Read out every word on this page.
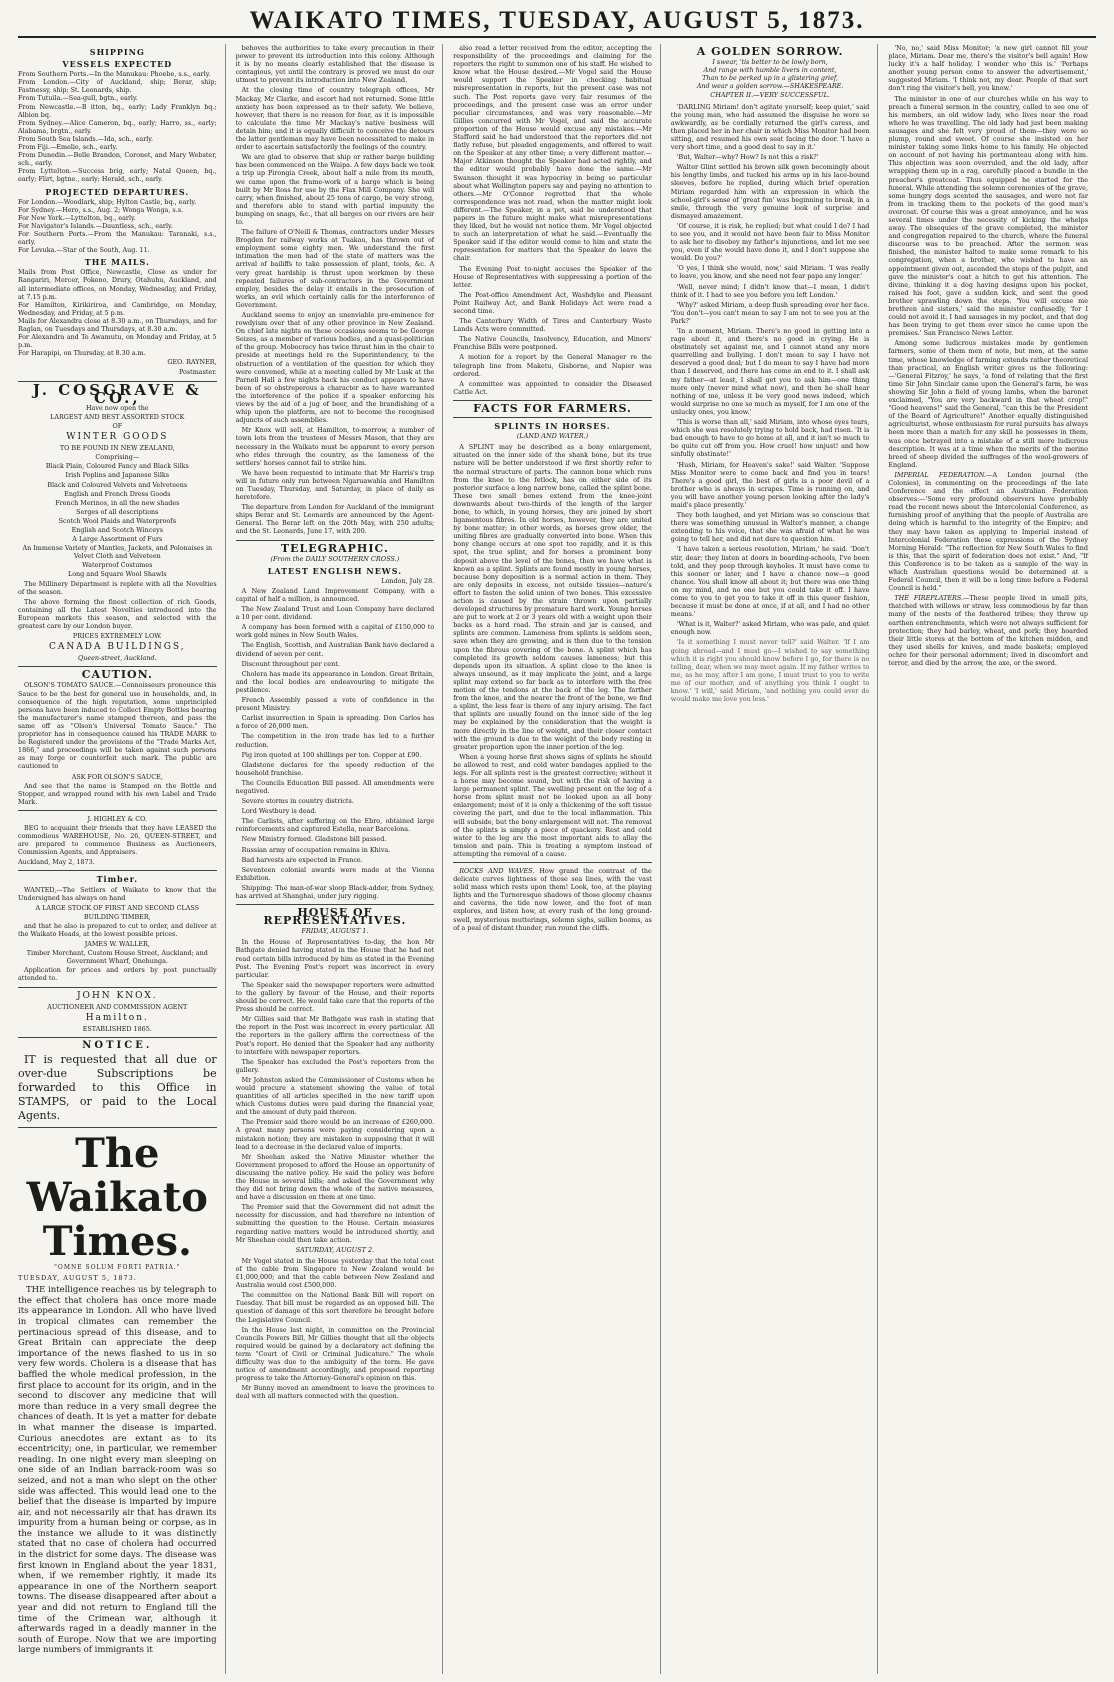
WAIKATO TIMES, TUESDAY, AUGUST 5, 1873.
SHIPPING
VESSELS EXPECTED

From Southern Ports.—In the Manukau: Phoebe, s.s., early.

From London.—City of Auckland, ship; Berar, ship; Fastnessy, ship; St. Leonards, ship.

From Tutuila.—Sea-gull, bgtn., early.

From Newcastle.—B itton, bq., early; Lady Franklyn bq.; Albion bq.

From Sydney.—Alice Cameron, bq., early; Harro, ss., early; Alabama, brgtn., early.

From South Sea Islands.—Ida, sch., early.

From Fiji.—Emelie, sch., early.

From Dunedin.—Belle Brandon, Coronet, and Mary Webster, sch., early.

From Lyttelton.—Success brig, early; Natal Queen, bq., early; Flirt, bgtne., early; Herald, sch., early.

PROJECTED DEPARTURES.

For London.—Woodlark, ship; Hylton Castle, bq., early.

For Sydney.—Hero, s.s., Aug. 2; Wonga Wonga, s.s.

For New York.—Lyttelton, bq., early.

For Navigator's Islands.—Dauntless, sch., early.

For Southern Ports.—From the Manukau: Taranaki, s.s., early.

For Levuka.—Star of the South, Aug. 11.

THE MAILS.

Mails from Post Office, Newcastle, Close as under for Rangariri, Mercer, Pokeno, Drury, Otahuhu, Auckland, and all intermediate offices, on Monday, Wednesday, and Friday, at 7.15 p.m.

For Hamilton, Kirikiriroa, and Cambridge, on Monday, Wednesday, and Friday, at 5 p.m.

Mails for Alexandra close at 8.30 a.m., on Thursdays, and for Raglan, on Tuesdays and Thursdays, at 8.30 a.m.

For Alexandra and Te Awamutu, on Monday and Friday, at 5 p.m.

For Harapipi, on Thursday, at 8.30 a.m.

GEO. RAYNER,

Postmaster.

J. COSGRAVE & CO.,

Have now open the

LARGEST AND BEST ASSORTED STOCK

OF

WINTER GOODS

TO BE FOUND IN NEW ZEALAND,

Comprising—

Black Plain, Coloured Fancy and Black Silks

Irish Poplins and Japanese Silks

Black and Coloured Velvets and Velveteens

English and French Dress Goods

French Merinos, in all the new shades

Serges of all descriptions

Scotch Wool Plaids and Waterproofs

English and Scotch Winceys

A Large Assortment of Furs

An Immense Variety of Mantles, Jackets, and Polonaises in Velvet Cloth and Velveteen

Waterproof Costumes

Long and Square Wool Shawls

The Millinery Department is replete with all the Novelties of the season.

The above forming the finest collection of rich Goods, containing all the Latest Novelties introduced into the European markets this season, and selected with the greatest care by our London buyer.

PRICES EXTREMELY LOW.

CANADA BUILDINGS,

Queen-street, Auckland.

CAUTION.

OLSON'S TOMATO SAUCE.—Connoisseurs pronounce this Sauce to be the best for general use in households, and, in consequence of the high reputation, some unprincipled persons have been induced to Collect Empty Bottles bearing the manufacturer's name stamped thereon, and pass the same off as "Olson's Universal Tomato Sauce." The proprietor has in consequence caused his TRADE MARK to be Registered under the provisions of the "Trade Marks Act, 1866," and proceedings will be taken against such persons as may forge or counterfeit such mark. The public are cautioned to

ASK FOR OLSON'S SAUCE,

And see that the name is Stamped on the Bottle and Stopper, and wrapped round with his own Label and Trade Mark.

J. HIGHLEY & CO.

BEG to acquaint their friends that they have LEASED the commodious WAREHOUSE, No. 26, QUEEN-STREET, and are prepared to commence Business as Auctioneers, Commission Agents, and Appraisers.

Auckland, May 2, 1873.

Timber.

WANTED,—The Settlers of Waikato to know that the Undersigned has always on hand

A LARGE STOCK OF FIRST AND SECOND CLASS

BUILDING TIMBER,

and that he also is prepared to cut to order, and deliver at the Waikato Heads, at the lowest possible prices.

JAMES W. WALLER,

Timber Merchant, Custom House Street, Auckland; and Government Wharf, Onehunga.

Application for prices and orders by post punctually attended to.

JOHN KNOX.

AUCTIONEER AND COMMISSION AGENT

Hamilton.

ESTABLISHED 1865.

NOTICE.

IT is requested that all due or over-due Subscriptions be forwarded to this Office in STAMPS, or paid to the Local Agents.

The Waikato Times.
"OMNE SOLUM FORTI PATRIA."
TUESDAY, AUGUST 5, 1873.

THE intelligence reaches us by telegraph to the effect that cholera has once more made its appearance in London. All who have lived in tropical climates can remember the pertinacious spread of this disease, and to Great Britain can appreciate the deep importance of the news flashed to us in so very few words. Cholera is a disease that has baffled the whole medical profession, in the first place to account for its origin, and in the second to discover any medicine that will more than reduce in a very small degree the chances of death. It is yet a matter for debate in what manner the disease is imparted. Curious anecdotes are extant as to its eccentricity; one, in particular, we remember reading. In one night every man sleeping on one side of an Indian barrack-room was so seized, and not a man who slept on the other side was affected. This would lead one to the belief that the disease is imparted by impure air, and not necessarily air that has drawn its impurity from a human being or corpse, as in the instance we allude to it was distinctly stated that no case of cholera had occurred in the district for some days. The disease was first known in England about the year 1831, when, if we remember rightly, it made its appearance in one of the Northern seaport towns. The disease disappeared after about a year and did not return to England till the time of the Crimean war, although it afterwards raged in a deadly manner in the south of Europe. Now that we are importing large numbers of immigrants it

behoves the authorities to take every precaution in their power to prevent its introduction into this colony. Although it is by no means clearly established that the disease is contagious, yet until the contrary is proved we must do our utmost to prevent its introduction into New Zealand.

At the closing time of country telegraph offices, Mr Mackay, Mr Clarke, and escort had not returned. Some little anxiety has been expressed as to their safety. We believe, however, that there is no reason for fear, as it is impossible to calculate the time Mr Mackay's native business will detain him; and it is equally difficult to conceive the detours the latter gentleman may have been necessitated to make in order to ascertain satisfactorily the feelings of the country.

We are glad to observe that ship or rather barge building has been commenced on the Waipa. A few days back we took a trip up Pirongia Creek, about half a mile from its mouth, we came upon the frame-work of a barge which is being built by Mr Ross for use by the Flax Mill Company. She will carry, when finished, about 25 tons of cargo, be very strong, and therefore able to stand with partial impunity the bumping on snags, &c., that all barges on our rivers are heir to.

The failure of O'Neill & Thomas, contractors under Messrs Brogden for railway works at Tuakau, has thrown out of employment some eighty men. We understand the first intimation the men had of the state of matters was the arrival of bailiffs to take possession of plant, tools, &c. A very great hardship is thrust upon workmen by these repeated failures of sub-contractors in the Government employ, besides the delay it entails in the prosecution of works, an evil which certainly calls for the interference of Government.

Auckland seems to enjoy an unenviable pre-eminence for rowdyism over that of any other province in New Zealand. On chief late nights on these occasions seems to be George Seizes, as a member of various bodies, and a quasi-politician of the group. Mobocracy has twice thrust him in the chair to preside at meetings held re the Superintendency, to the obstruction of a ventilation of the question for which they were convened, while at a meeting called by Mr Lusk at the Parnell Hall a few nights back his conduct appears to have been of so obstreperous a character as to have warranted the interference of the police if a speaker enforcing his views by the aid of a jug of beer, and the brandishing of a whip upon the platform, are not to become the recognised adjuncts of such assemblies.

Mr Knox will sell, at Hamilton, to-morrow, a number of town lots from the trustees of Messrs Mason, that they are necessary in the Waikato must be apparent to every person who rides through the country, as the lameness of the settlers' horses cannot fail to strike him.

We have been requested to intimate that Mr Harris's trap will in future only run between Ngaruawahia and Hamilton on Tuesday, Thursday, and Saturday, in place of daily as heretofore.

The departure from London for Auckland of the immigrant ships Berar and St. Leonards are announced by the Agent-General. The Berar left on the 20th May, with 250 adults; and the St. Leonards, June 17, with 200.

TELEGRAPHIC.
(From the DAILY SOUTHERN CROSS.)
LATEST ENGLISH NEWS.

London, July 28.

A New Zealand Land Improvement Company, with a capital of half a million, is announced.

The New Zealand Trust and Loan Company have declared a 10 per cent. dividend.

A company has been formed with a capital of £150,000 to work gold mines in New South Wales.

The English, Scottish, and Australian Bank have declared a dividend of seven per cent.

Discount throughout per cent.

Cholera has made its appearance in London. Great Britain, and the local bodies are endeavouring to mitigate the pestilence.

French Assembly passed a vote of confidence in the present Ministry.

Carlist insurrection in Spain is spreading. Don Carlos has a force of 26,000 men.

The competition in the iron trade has led to a further reduction.

Pig iron quoted at 100 shillings per ton. Copper at £90.

Gladstone declares for the speedy reduction of the household franchise.

The Councils Education Bill passed. All amendments were negatived.

Severe storms in country districts.

Lord Westbury is dead.

The Carlists, after suffering on the Ebro, obtained large reinforcements and captured Estella, near Barcelona.

New Ministry formed. Gladstone bill passed.

Russian army of occupation remains in Khiva.

Bad harvests are expected in France.

Seventeen colonial awards were made at the Vienna Exhibition.

Shipping: The man-of-war sloop Black-adder, from Sydney, has arrived at Shanghai, under jury rigging.

HOUSE OF REPRESENTATIVES.
FRIDAY, AUGUST 1.

In the House of Representatives to-day, the hon Mr Bathgate denied having stated in the House that he had not read certain bills introduced by him as stated in the Evening Post. The Evening Post's report was incorrect in every particular.

The Speaker said the newspaper reporters were admitted to the gallery by favour of the House, and their reports should be correct. He would take care that the reports of the Press should be correct.

Mr Gillies said that Mr Bathgate was rash in stating that the report in the Post was incorrect in every particular. All the reporters in the gallery affirm the correctness of the Post's report. He denied that the Speaker had any authority to interfere with newspaper reporters.

The Speaker has excluded the Post's reporters from the gallery.

Mr Johnston asked the Commissioner of Customs when he would procure a statement showing the value of total quantities of all articles specified in the new tariff upon which Customs duties were paid during the financial year, and the amount of duty paid thereon.

The Premier said there would be an increase of £260,000. A great many persons were paying considering upon a mistaken notion; they are mistaken in supposing that it will lead to a decrease in the declared value of imports.

Mr Sheehan asked the Native Minister whether the Government proposed to afford the House an opportunity of discussing the native policy. He said the policy was before the House in several bills; and asked the Government why they did not bring down the whole of the native measures, and have a discussion on them at one time.

The Premier said that the Government did not admit the necessity for discussion, and had therefore no intention of submitting the question to the House. Certain measures regarding native matters would be introduced shortly, and Mr Sheehan could then take action.

SATURDAY, AUGUST 2.

Mr Vogel stated in the House yesterday that the total cost of the cable from Singapore to New Zealand would be £1,000,000; and that the cable between New Zealand and Australia would cost £500,000.

The committee on the National Bank Bill will report on Tuesday. That bill must be regarded as an opposed bill. The question of damage of this sort therefore be brought before the Legislative Council.

In the House last night, in committee on the Provincial Councils Powers Bill, Mr Gillies thought that all the objects required would be gained by a declaratory act defining the term "Court of Civil or Criminal Judicature." The whole difficulty was due to the ambiguity of the term. He gave notice of amendment accordingly, and proposed reporting progress to take the Attorney-General's opinion on this.

Mr Bunny moved an amendment to leave the provinces to deal with all matters connected with the question.

also read a letter received from the editor, accepting the responsibility of the proceedings and claiming for the reporters the right to summon one of his staff. He wished to know what the House desired.—Mr Vogel said the House would support the Speaker in checking habitual misrepresentation in reports, but the present case was not such. The Post reports gave very fair resumes of the proceedings, and the present case was an error under peculiar circumstances, and was very reasonable.—Mr Gillies concurred with Mr Vogel, and said the accurate proportion of the House would excuse any mistakes.—Mr Stafford said he had understood that the reporters did not flatly refuse, but pleaded engagements, and offered to wait on the Speaker at any other time; a very different matter.—Major Atkinson thought the Speaker had acted rightly, and the editor would probably have done the same.—Mr Swanson thought it was hypocrisy in being so particular about what Wellington papers say and paying no attention to others.—Mr O'Connor regretted that the whole correspondence was not read, when the matter might look different.—The Speaker, in a pet, said he understood that papers in the future might make what misrepresentations they liked, but he would not notice them. Mr Vogel objected to such an interpretation of what he said.—Eventually the Speaker said if the editor would come to him and state the representation for matters that the Speaker do leave the chair.

The Evening Post to-night accuses the Speaker of the House of Representatives with suppressing a portion of the letter.

The Post-office Amendment Act, Washdyke and Pleasant Point Railway Act, and Bank Holidays Act were read a second time.

The Canterbury Width of Tires and Canterbury Waste Lands Acts were committed.

The Native Councils, Insolvency, Education, and Miners' Franchise Bills were postponed.

A motion for a report by the General Manager re the telegraph line from Maketu, Gisborne, and Napier was ordered.

A committee was appointed to consider the Diseased Cattle Act.

FACTS FOR FARMERS.
SPLINTS IN HORSES.
(LAND AND WATER.)

A SPLINT may be described as a bony enlargement, situated on the inner side of the shank bone, but its true nature will be better understood if we first shortly refer to the normal structure of parts. The cannon bone which runs from the knee to the fetlock, has on either side of its posterior surface a long narrow bone, called the splint bone. These two small bones extend from the knee-joint downwards about two-thirds of the length of the larger bone, to which, in young horses, they are joined by short ligamentous fibres. In old horses, however, they are united by bone matter; in other words, as horses grow older, the uniting fibres are gradually converted into bone. When this bony change occurs at one spot too rapidly, and it is this spot, the true splint, and for horses a prominent bony deposit above the level of the bones, then we have what is known as a splint. Splints are found mostly in young horses, because bony deposition is a normal action in them. They are only deposits in excess, not outside tissues—nature's effort to fasten the solid union of two bones. This excessive action is caused by the strain thrown upon partially developed structures by premature hard work. Young horses are put to work at 2 or 3 years old with a weight upon their backs as a hard road. The strain and jar is caused, and splints are common. Lameness from splints is seldom seen, save when they are growing, and is then due to the tension upon the fibrous covering of the bone. A splint which has completed its growth seldom causes lameness; but this depends upon its situation. A splint close to the knee is always unsound, as it may implicate the joint, and a large splint may extend so far back as to interfere with the free motion of the tendons at the back of the leg. The farther from the knee, and the nearer the front of the bone, we find a splint, the less fear is there of any injury arising. The fact that splints are usually found on the inner side of the leg may be explained by the consideration that the weight is more directly in the line of weight, and their closer contact with the ground is due to the weight of the body resting in greater proportion upon the inner portion of the leg.

When a young horse first shows signs of splints he should be allowed to rest, and cold water bandages applied to the legs. For all splints rest is the greatest corrective; without it a horse may become sound, but with the risk of having a large permanent splint. The swelling present on the leg of a horse from splint must not be looked upon as all bony enlargement; most of it is only a thickening of the soft tissue covering the part, and due to the local inflammation. This will subside, but the bony enlargement will not. The removal of the splints is simply a piece of quackery. Rest and cold water to the leg are the most important aids to allay the tension and pain. This is treating a symptom instead of attempting the removal of a cause.

ROCKS AND WAVES. How grand the contrast of the delicate curves lightness of those sea lines, with the vast solid mass which rests upon them! Look, too, at the playing lights and the Turneresque shadows of those gloomy chasms and caverns, the tide now lower, and the foot of man explores, and listen how, at every rush of the long ground-swell, mysterious mutterings, solemn sighs, sullen booms, as of a peal of distant thunder, run round the cliffs.

A GOLDEN SORROW.

I swear, 'tis better to be lowly born,

And range with humble livers in content,

Than to be perked up in a glistering grief,

And wear a golden sorrow.—SHAKESPEARE.

CHAPTER II.—VERY SUCCESSFUL.

'DARLING Miriam! don't agitate yourself; keep quiet,' said the young man, who had assumed the disguise he wore so awkwardly, as he cordially returned the girl's caress, and then placed her in her chair in which Miss Monitor had been sitting, and resumed his own seat facing the door. 'I have a very short time, and a good deal to say in it.'

'But, Walter—why? How? Is not this a risk?'

Walter Glint settled his brown silk gown becomingly about his lengthy limbs, and tucked his arms up in his lace-bound sleeves, before he replied, during which brief operation Miriam regarded him with an expression in which the school-girl's sense of 'great fun' was beginning to break, in a smile, through the very genuine look of surprise and dismayed amazement.

'Of course, it is risk, he replied; but what could I do? I had to see you, and it would not have been fair to Miss Monitor to ask her to disobey my father's injunctions, and let me see you, even if she would have done it, and I don't suppose she would. Do you?'

'O yes, I think she would, now,' said Miriam. 'I was really to leave, you know, and she need not fear papa any longer.'

'Well, never mind; I didn't know that—I mean, I didn't think of it. I had to see you before you left London.'

'Why?' asked Miriam, a deep flush spreading over her face. 'You don't—you can't mean to say I am not to see you at the Park?'

'In a moment, Miriam. There's no good in getting into a rage about it, and there's no good in crying. He is obstinately set against me, and I cannot stand any more quarrelling and bullying. I don't mean to say I have not deserved a good deal; but I do mean to say I have had more than I deserved, and there has come an end to it. I shall ask my father—at least, I shall get you to ask him—one thing more only (never mind what now), and then he shall hear nothing of me, unless it be very good news indeed, which would surprise no one so much as myself, for I am one of the unlucky ones, you know.'

'This is worse than all,' said Miriam, into whose eyes tears, which she was resolutely trying to hold back, had risen. 'It is bad enough to have to go home at all, and it isn't so much to be quite cut off from you. How cruel! how unjust! and how sinfully obstinate!'

'Hush, Miriam, for Heaven's sake!' said Walter. 'Suppose Miss Monitor were to come back and find you in tears! There's a good girl, the best of girls is a poor devil of a brother who is always in scrapes. Time is running on, and you will have another young person looking after the lady's maid's place presently.'

They both laughed, and yet Miriam was so conscious that there was something unusual in Walter's manner, a change extending to his voice, that she was afraid of what he was going to tell her, and did not dare to question him.

'I have taken a serious resolution, Miriam,' he said. 'Don't stir, dear; they listen at doors in boarding-schools, I've been told, and they peep through keyholes. It must have come to this sooner or later, and I have a chance now—a good chance. You shall know all about it; but there was one thing on my mind, and no one but you could take it off. I have come to you to get you to take it off in this queer fashion, because it must be done at once, if at all, and I had no other means.'

'What is it, Walter?' asked Miriam, who was pale, and quiet enough now.

'Is it something I must never tell?' said Walter. 'If I am going abroad—and I must go—I wished to say something which it is right you should know before I go, for there is no telling, dear, when we may meet again. If my father writes to me, as he may, after I am gone, I must trust to you to write me of our mother, and of anything you think I ought to know.' 'I will,' said Miriam, 'and nothing you could ever do would make me love you less.'

'No, no,' said Miss Monitor; 'a new girl cannot fill your place, Miriam. Dear me, there's the visitor's bell again! How lucky it's a half holiday. I wonder who this is.' 'Perhaps another young person come to answer the advertisement,' suggested Miriam. 'I think not, my dear. People of that sort don't ring the visitor's bell, you know.'

The minister in one of our churches while on his way to preach a funeral sermon in the country, called to see one of his members, an old widow lady, who lives near the road where he was travelling. The old lady had just been making sausages and she felt very proud of them—they were so plump, round and sweet. Of course she insisted on her minister taking some links home to his family. He objected on account of not having his portmanteau along with him. This objection was soon overruled, and the old lady, after wrapping them up in a rag, carefully placed a bundle in the preacher's greatcoat. Thus equipped he started for the funeral. While attending the solemn ceremonies of the grave, some hungry dogs scented the sausages, and were not far from in tracking them to the pockets of the good man's overcoat. Of course this was a great annoyance, and he was several times under the necessity of kicking the whelps away. The obsequies of the grave completed, the minister and congregation repaired to the church, where the funeral discourse was to be preached. After the sermon was finished, the minister halted to make some remark to his congregation, when a brother, who wished to have an appointment given out, ascended the steps of the pulpit, and gave the minister's coat a hitch to get his attention. The divine, thinking it a dog having designs upon his pocket, raised his foot, gave a sudden kick, and sent the good brother sprawling down the steps. 'You will excuse me brethren and sisters,' said the minister confusedly, 'for I could not avoid it. I had sausages in my pocket, and that dog has been trying to get them ever since he came upon the premises.' San Francisco News Letter.

Among some ludicrous mistakes made by gentlemen farmers, some of them men of note, but men, at the same time, whose knowledge of farming extends rather theoretical than practical, an English writer gives us the following:—'General Fitzroy,' he says, 'a fond of relating that the first time Sir John Sinclair came upon the General's farm, he was showing Sir John a field of young lambs, when the baronet exclaimed, "You are very backward in that wheat crop!" "Good heavens!" said the General, "can this be the President of the Board of Agriculture!" Another equally distinguished agriculturist, whose enthusiasm for rural pursuits has always been more than a match for any skill he possesses in them, was once betrayed into a mistake of a still more ludicrous description. It was at a time when the merits of the merino breed of sheep divided the suffrages of the wool-growers of England.

IMPERIAL FEDERATION.—A London journal (the Colonies), in commenting on the proceedings of the late Conference and the effect an Australian Federation observes:—'Some very profound observers have probably read the recent news about the Intercolonial Conference, as furnishing proof of anything that the people of Australia are doing which is harmful to the integrity of the Empire; and they may have taken as applying to Imperial instead of Intercolonial Federation these expressions of the Sydney Morning Herald: "The reflection for New South Wales to find is this, that the spirit of federation does not exist." And, "If this Conference is to be taken as a sample of the way in which Australian questions would be determined at a Federal Council, then it will be a long time before a Federal Council is held."

THE FIREPLATERS.—These people lived in small pits, thatched with willows or straw, less commodious by far than many of the nests of the feathered tribes; they threw up earthen entrenchments, which were not always sufficient for protection; they had barley, wheat, and pork; they hoarded their little stores at the bottom of the kitchen midden, and they used shells for knives, and made baskets; employed ochre for their personal adornment; lived in discomfort and terror, and died by the arrow, the axe, or the sword.
